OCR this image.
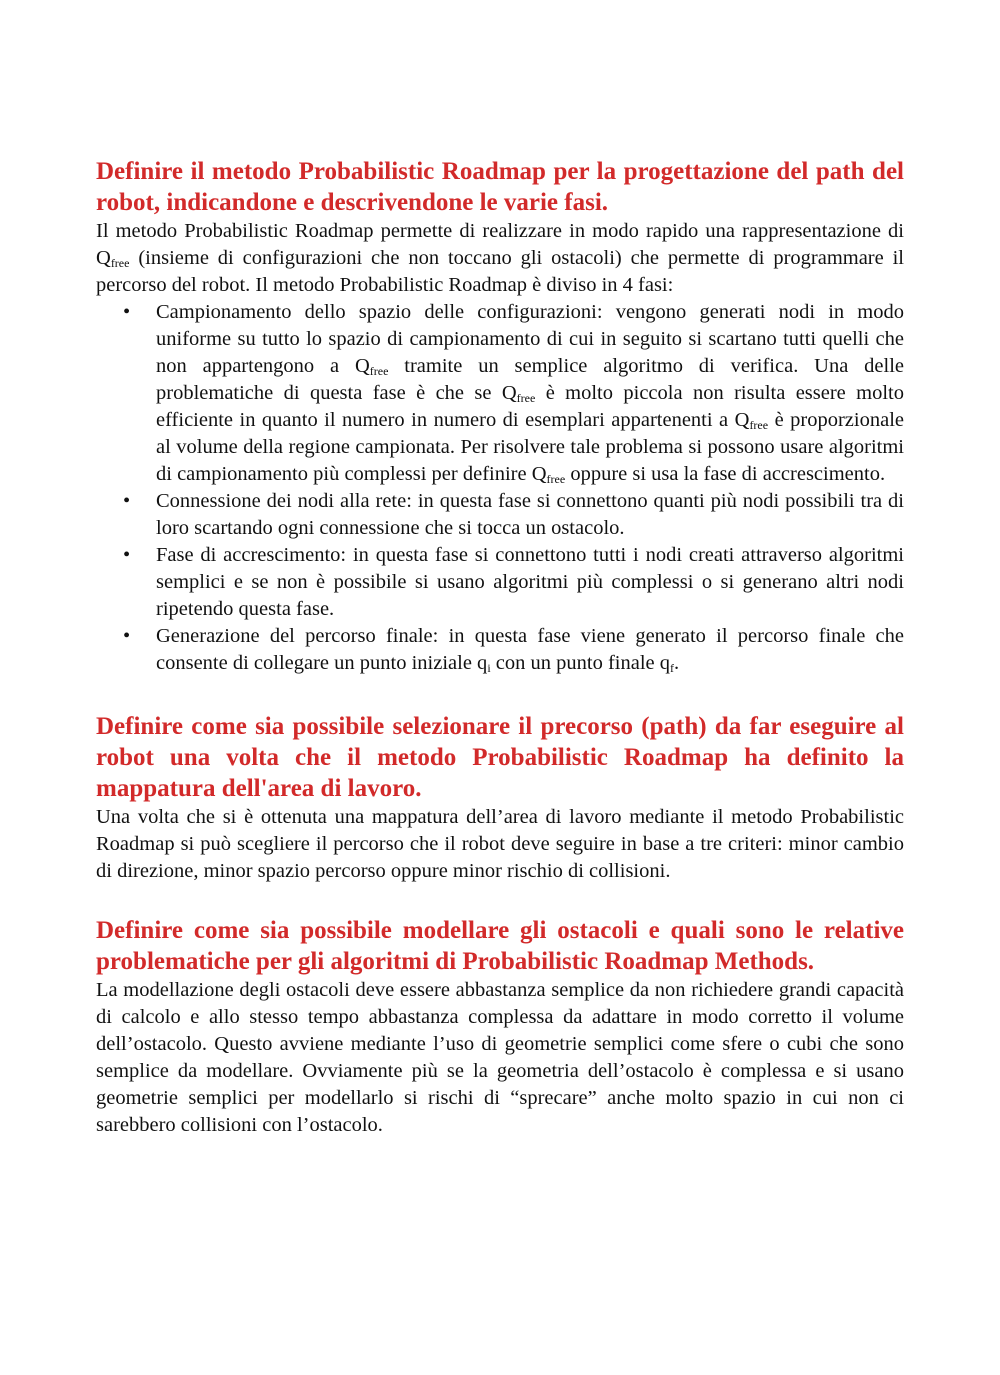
Definire il metodo Probabilistic Roadmap per la progettazione del path del robot, indicandone e descrivendone le varie fasi.

Il metodo Probabilistic Roadmap permette di realizzare in modo rapido una rappresentazione di $Q_{free}$ (insieme di configurazioni che non toccano gli ostacoli) che permette di programmare il percorso del robot. Il metodo Probabilistic Roadmap è diviso in 4 fasi:

• Campionamento dello spazio delle configurazioni: vengono generati nodi in modo uniforme su tutto lo spazio di campionamento di cui in seguito si scartano tutti quelli che non appartengono a $Q_{free}$ tramite un semplice algoritmo di verifica. Una delle problematiche di questa fase è che se $Q_{free}$ è molto piccola non risulta essere molto efficiente in quanto il numero in numero di esemplari appartenenti a $Q_{free}$ è proporzionale al volume della regione campionata. Per risolvere tale problema si possono usare algoritmi di campionamento più complessi per definire $Q_{free}$ oppure si usa la fase di accrescimento.
• Connessione dei nodi alla rete: in questa fase si connettono quanti più nodi possibili tra di loro scartando ogni connessione che si tocca un ostacolo.
• Fase di accrescimento: in questa fase si connettono tutti i nodi creati attraverso algoritmi semplici e se non è possibile si usano algoritmi più complessi o si generano altri nodi ripetendo questa fase.
• Generazione del percorso finale: in questa fase viene generato il percorso finale che consente di collegare un punto iniziale $q_i$ con un punto finale $q_f$.
Definire come sia possibile selezionare il precorso (path) da far eseguire al robot una volta che il metodo Probabilistic Roadmap ha definito la mappatura dell'area di lavoro.

Una volta che si è ottenuta una mappatura dell’area di lavoro mediante il metodo Probabilistic Roadmap si può scegliere il percorso che il robot deve seguire in base a tre criteri: minor cambio di direzione, minor spazio percorso oppure minor rischio di collisioni.

Definire come sia possibile modellare gli ostacoli e quali sono le relative problematiche per gli algoritmi di Probabilistic Roadmap Methods.

La modellazione degli ostacoli deve essere abbastanza semplice da non richiedere grandi capacità di calcolo e allo stesso tempo abbastanza complessa da adattare in modo corretto il volume dell’ostacolo. Questo avviene mediante l’uso di geometrie semplici come sfere o cubi che sono semplice da modellare. Ovviamente più se la geometria dell’ostacolo è complessa e si usano geometrie semplici per modellarlo si rischi di “sprecare” anche molto spazio in cui non ci sarebbero collisioni con l’ostacolo.
